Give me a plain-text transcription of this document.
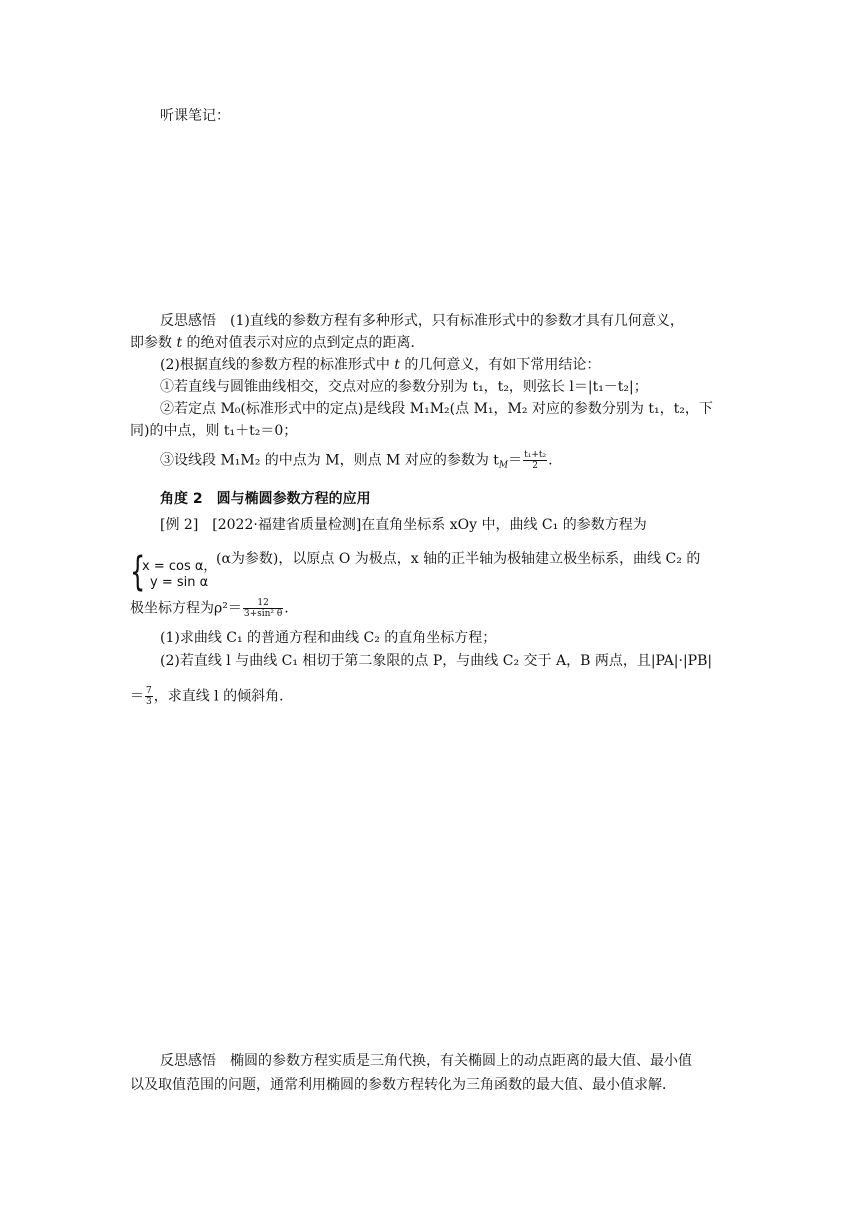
听课笔记：
反思感悟　(1)直线的参数方程有多种形式，只有标准形式中的参数才具有几何意义，
即参数 t 的绝对值表示对应的点到定点的距离．
(2)根据直线的参数方程的标准形式中 t 的几何意义，有如下常用结论：
①若直线与圆锥曲线相交，交点对应的参数分别为 t₁，t₂，则弦长 l＝|t₁－t₂|；
②若定点 M₀(标准形式中的定点)是线段 M₁M₂(点 M₁，M₂ 对应的参数分别为 t₁，t₂，下
同)的中点，则 t₁＋t₂＝0；
③设线段 M₁M₂ 的中点为 M，则点 M 对应的参数为 $t_M= \frac{\text{t₁+t₂}}{2}$ .
角度 2　圆与椭圆参数方程的应用
[例 2]　[2022·福建省质量检测]在直角坐标系 xOy 中，曲线 C₁ 的参数方程为
{
x = cos α，
y = sin α
(α为参数)，以原点 O 为极点，x 轴的正半轴为极轴建立极坐标系，曲线 C₂ 的
极坐标方程为$\rho^2= \frac{12}{\text{3+sin² θ}}$ .
(1)求曲线 C₁ 的普通方程和曲线 C₂ 的直角坐标方程；
(2)若直线 l 与曲线 C₁ 相切于第二象限的点 P，与曲线 C₂ 交于 A，B 两点，且|PA|·|PB|
＝ $\frac{7}{3}$ ，求直线 l 的倾斜角．
反思感悟　椭圆的参数方程实质是三角代换，有关椭圆上的动点距离的最大值、最小值
以及取值范围的问题，通常利用椭圆的参数方程转化为三角函数的最大值、最小值求解．
